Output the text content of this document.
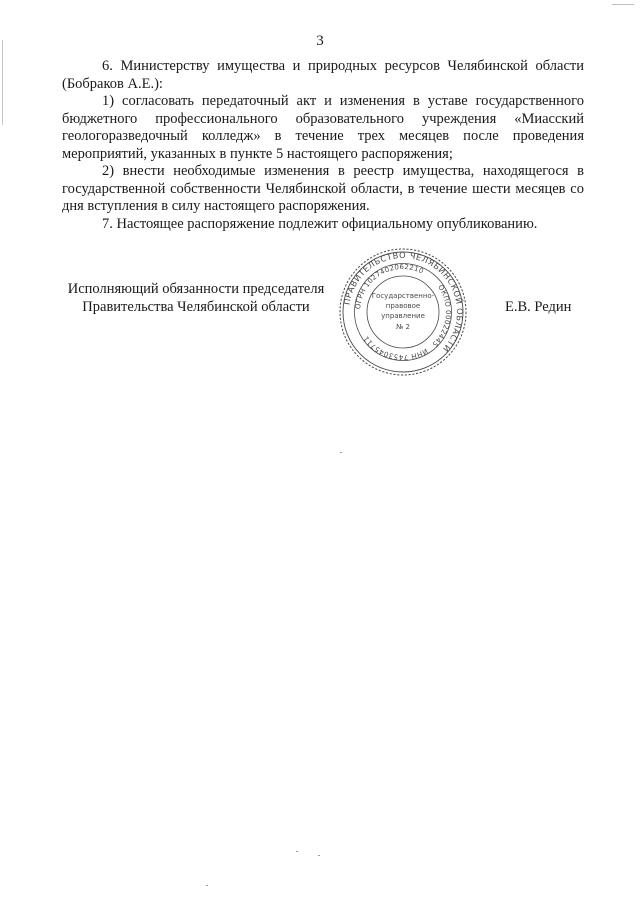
3

6. Министерству имущества и природных ресурсов Челябинской области (Бобраков А.Е.):

1) согласовать передаточный акт и изменения в уставе государственного бюджетного профессионального образовательного учреждения «Миасский геологоразведочный колледж» в течение трех месяцев после проведения мероприятий, указанных в пункте 5 настоящего распоряжения;

2) внести необходимые изменения в реестр имущества, находящегося в государственной собственности Челябинской области, в течение шести месяцев со дня вступления в силу настоящего распоряжения.

7. Настоящее распоряжение подлежит официальному опубликованию.

Исполняющий обязанности председателя
Правительства Челябинской области	Е.В. Редин
ПРАВИТЕЛЬСТВО ЧЕЛЯБИНСКОЙ ОБЛАСТИ
ОГРН 1027402062210
ОКПО 00022445
ИНН 7453045711
Государственно-
правовое
управление
№ 2
